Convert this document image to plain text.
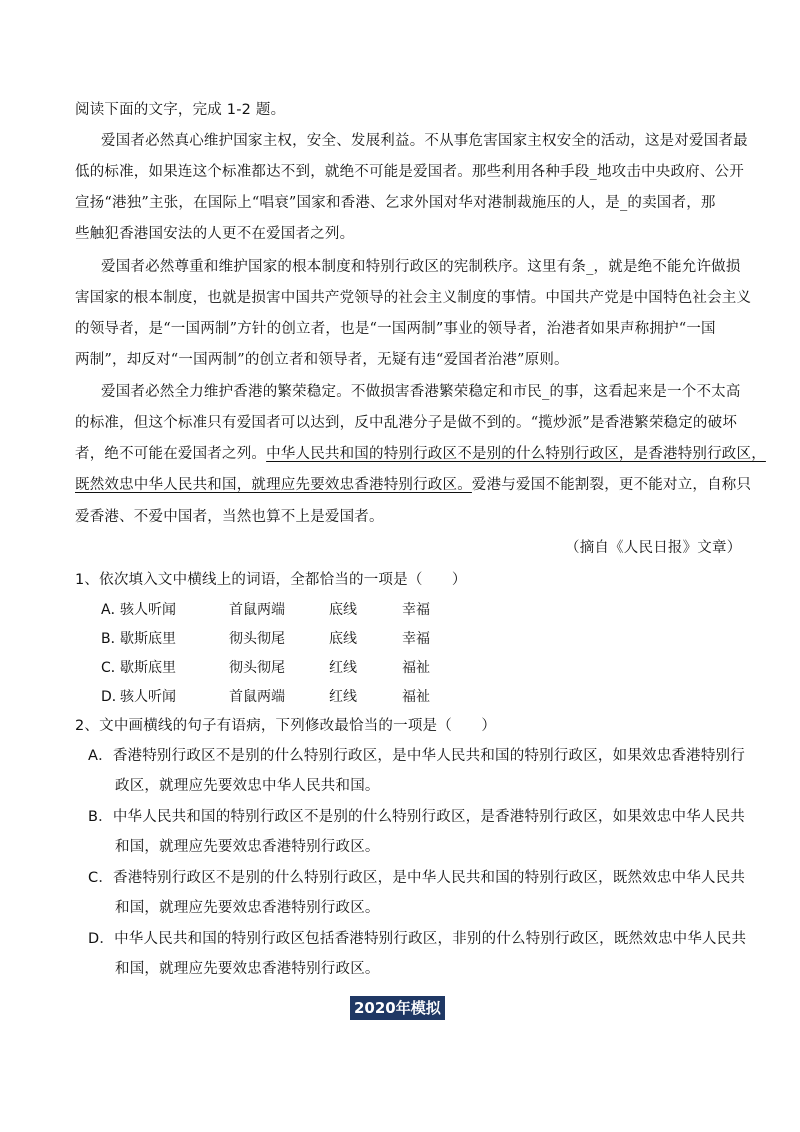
阅读下面的文字，完成 1-2 题。
爱国者必然真心维护国家主权，安全、发展利益。不从事危害国家主权安全的活动，这是对爱国者最
低的标准，如果连这个标准都达不到，就绝不可能是爱国者。那些利用各种手段_地攻击中央政府、公开
宣扬“港独”主张，在国际上“唱衰”国家和香港、乞求外国对华对港制裁施压的人，是_的卖国者，那
些触犯香港国安法的人更不在爱国者之列。
爱国者必然尊重和维护国家的根本制度和特别行政区的宪制秩序。这里有条_，就是绝不能允许做损
害国家的根本制度，也就是损害中国共产党领导的社会主义制度的事情。中国共产党是中国特色社会主义
的领导者，是“一国两制”方针的创立者，也是“一国两制”事业的领导者，治港者如果声称拥护“一国
两制”，却反对“一国两制”的创立者和领导者，无疑有违“爱国者治港”原则。
爱国者必然全力维护香港的繁荣稳定。不做损害香港繁荣稳定和市民_的事，这看起来是一个不太高
的标准，但这个标准只有爱国者可以达到，反中乱港分子是做不到的。“揽炒派”是香港繁荣稳定的破坏
者，绝不可能在爱国者之列。中华人民共和国的特别行政区不是别的什么特别行政区，是香港特别行政区，
既然效忠中华人民共和国，就理应先要效忠香港特别行政区。爱港与爱国不能割裂，更不能对立，自称只
爱香港、不爱中国者，当然也算不上是爱国者。
（摘自《人民日报》文章）
1、依次填入文中横线上的词语，全都恰当的一项是（　　）
A．
骇人听闻	首鼠两端	底线	幸福
B．
歇斯底里	彻头彻尾	底线	幸福
C．
歇斯底里	彻头彻尾	红线	福祉
D．
骇人听闻	首鼠两端	红线	福祉
2、文中画横线的句子有语病，下列修改最恰当的一项是（　　）
A．香港特别行政区不是别的什么特别行政区，是中华人民共和国的特别行政区，如果效忠香港特别行
政区，就理应先要效忠中华人民共和国。
B．中华人民共和国的特别行政区不是别的什么特别行政区，是香港特别行政区，如果效忠中华人民共
和国，就理应先要效忠香港特别行政区。
C．香港特别行政区不是别的什么特别行政区，是中华人民共和国的特别行政区，既然效忠中华人民共
和国，就理应先要效忠香港特别行政区。
D．中华人民共和国的特别行政区包括香港特别行政区，非别的什么特别行政区，既然效忠中华人民共
和国，就理应先要效忠香港特别行政区。
2020年模拟
